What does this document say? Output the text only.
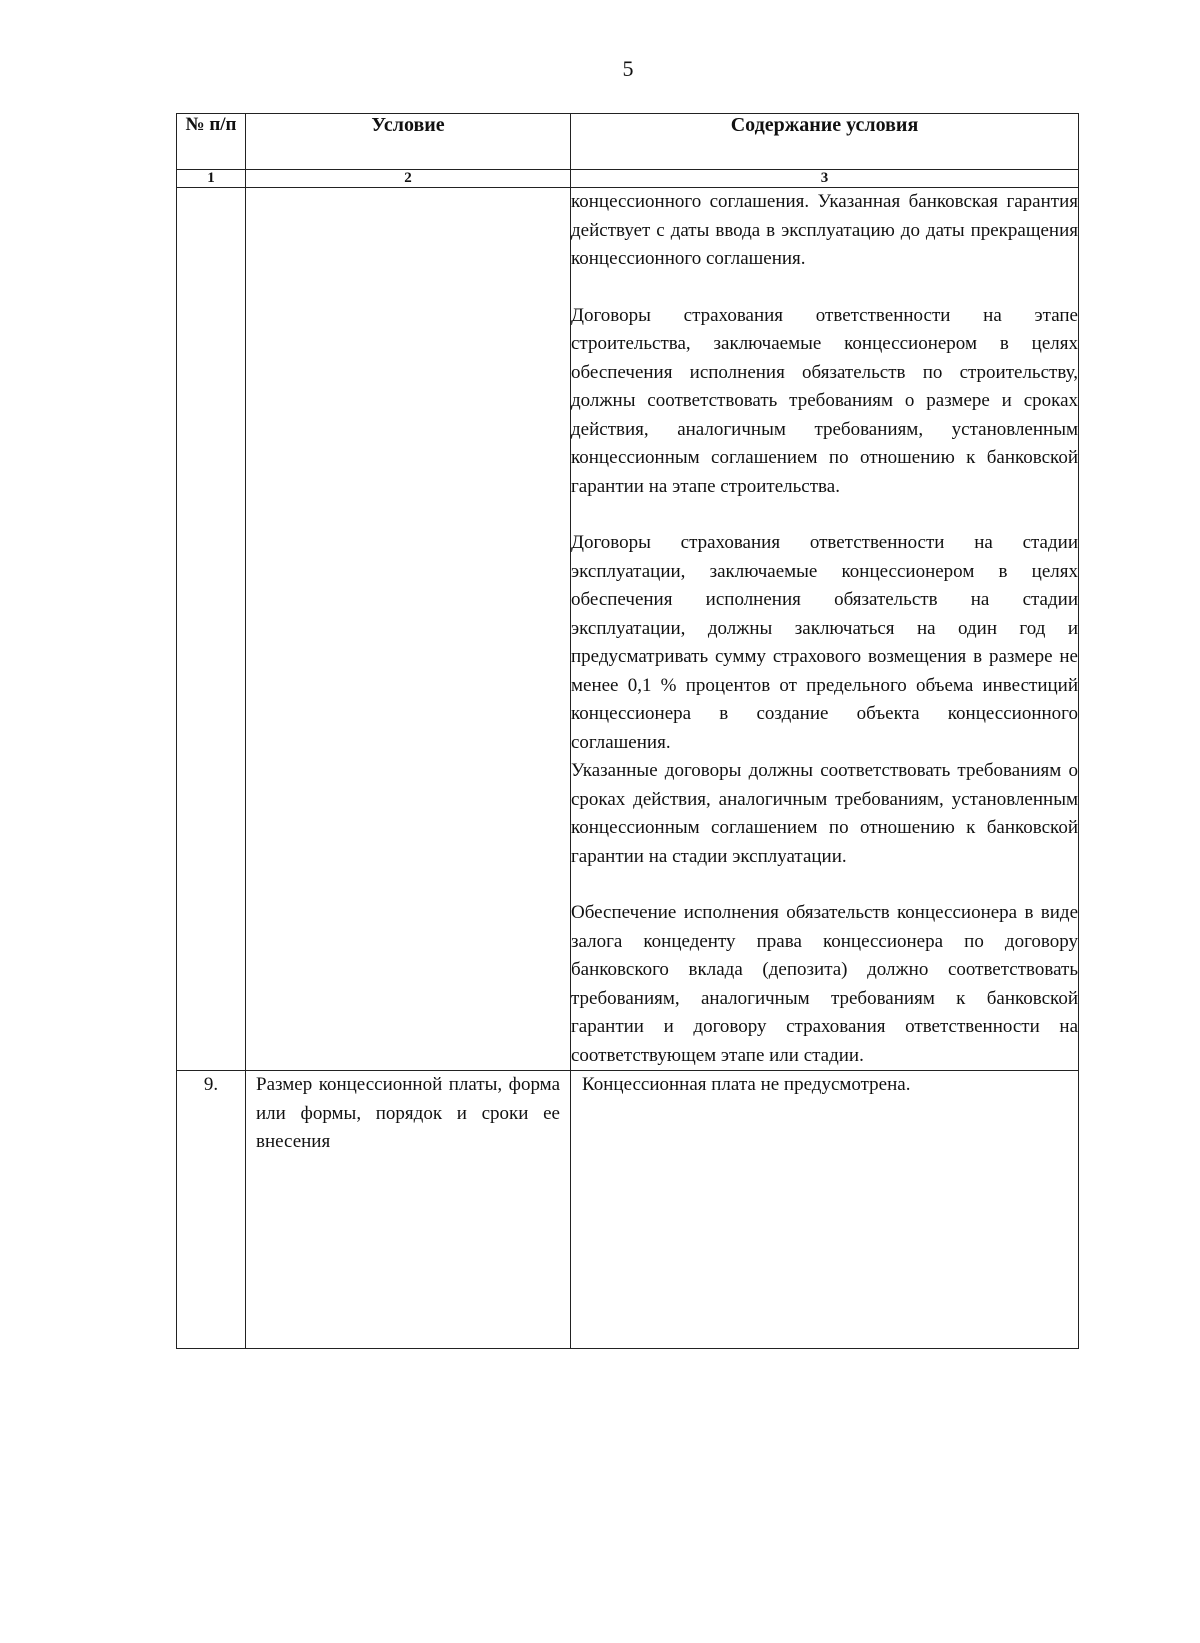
5
№ п/п	Условие	Содержание условия
1	2	3

		концессионного соглашения. Указанная банковская гарантия действует с даты ввода в эксплуатацию до даты прекращения концессионного соглашения.

Договоры страхования ответственности на этапе строительства, заключаемые концессионером в целях обеспечения исполнения обязательств по строительству, должны соответствовать требованиям о размере и сроках действия, аналогичным требованиям, установленным концессионным соглашением по отношению к банковской гарантии на этапе строительства.

Договоры страхования ответственности на стадии эксплуатации, заключаемые концессионером в целях обеспечения исполнения обязательств на стадии эксплуатации, должны заключаться на один год и предусматривать сумму страхового возмещения в размере не менее 0,1 % процентов от предельного объема инвестиций концессионера в создание объекта концессионного соглашения.

Указанные договоры должны соответствовать требованиям о сроках действия, аналогичным требованиям, установленным концессионным соглашением по отношению к банковской гарантии на стадии эксплуатации.

Обеспечение исполнения обязательств концессионера в виде залога концеденту права концессионера по договору банковского вклада (депозита) должно соответствовать требованиям, аналогичным требованиям к банковской гарантии и договору страхования ответственности на соответствующем этапе или стадии.

9.	Размер концессионной платы, форма или формы, порядок и сроки ее внесения	Концессионная плата не предусмотрена.
